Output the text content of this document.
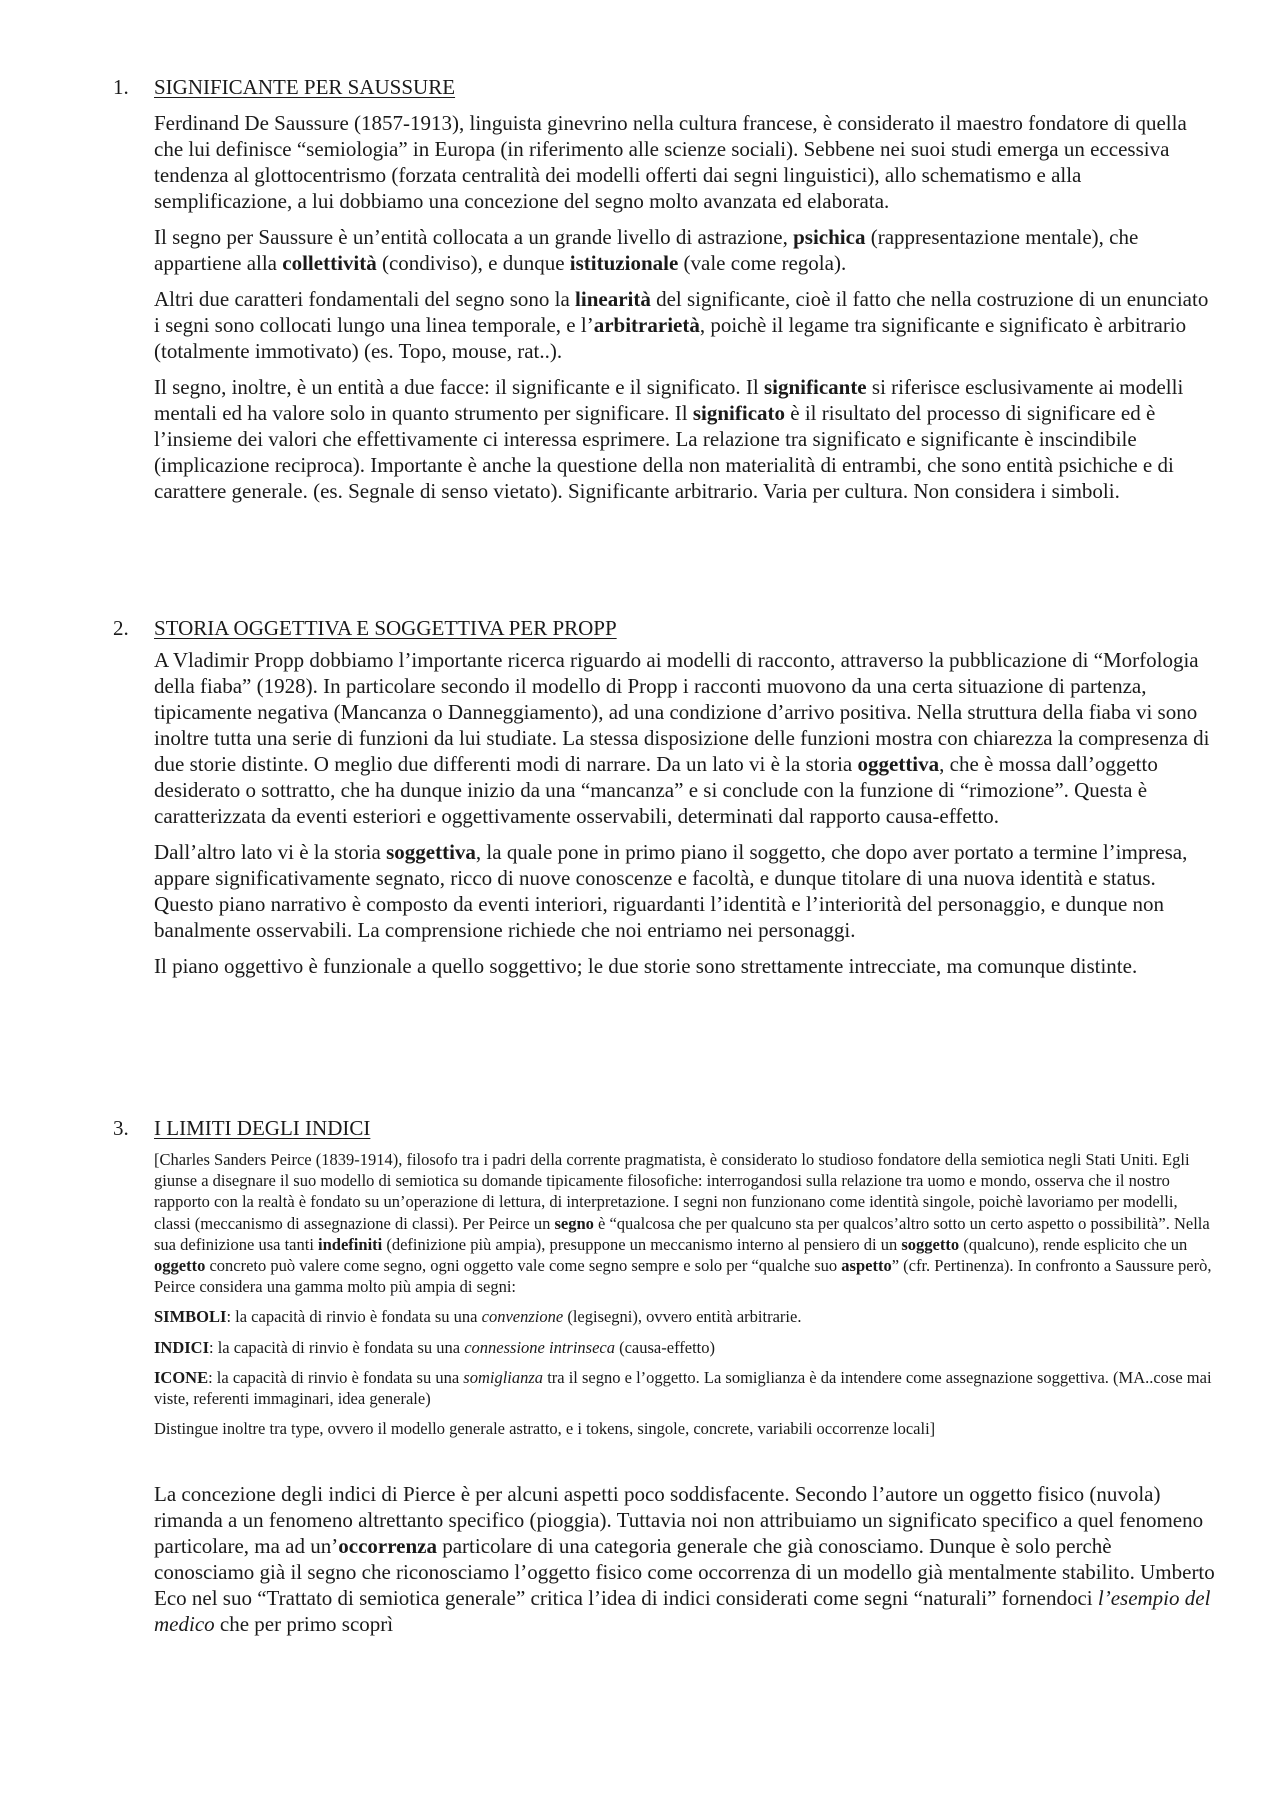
1. SIGNIFICANTE PER SAUSSURE

Ferdinand De Saussure (1857-1913), linguista ginevrino nella cultura francese, è considerato il maestro fondatore di quella che lui definisce “semiologia” in Europa (in riferimento alle scienze sociali). Sebbene nei suoi studi emerga un eccessiva tendenza al glottocentrismo (forzata centralità dei modelli offerti dai segni linguistici), allo schematismo e alla semplificazione, a lui dobbiamo una concezione del segno molto avanzata ed elaborata.

Il segno per Saussure è un’entità collocata a un grande livello di astrazione, psichica (rappresentazione mentale), che appartiene alla collettività (condiviso), e dunque istituzionale (vale come regola).

Altri due caratteri fondamentali del segno sono la linearità del significante, cioè il fatto che nella costruzione di un enunciato i segni sono collocati lungo una linea temporale, e l’arbitrarietà, poichè il legame tra significante e significato è arbitrario (totalmente immotivato) (es. Topo, mouse, rat..).

Il segno, inoltre, è un entità a due facce: il significante e il significato. Il significante si riferisce esclusivamente ai modelli mentali ed ha valore solo in quanto strumento per significare. Il significato è il risultato del processo di significare ed è l’insieme dei valori che effettivamente ci interessa esprimere. La relazione tra significato e significante è inscindibile (implicazione reciproca). Importante è anche la questione della non materialità di entrambi, che sono entità psichiche e di carattere generale. (es. Segnale di senso vietato). Significante arbitrario. Varia per cultura. Non considera i simboli.

2. STORIA OGGETTIVA E SOGGETTIVA PER PROPP

A Vladimir Propp dobbiamo l’importante ricerca riguardo ai modelli di racconto, attraverso la pubblicazione di “Morfologia della fiaba” (1928). In particolare secondo il modello di Propp i racconti muovono da una certa situazione di partenza, tipicamente negativa (Mancanza o Danneggiamento), ad una condizione d’arrivo positiva. Nella struttura della fiaba vi sono inoltre tutta una serie di funzioni da lui studiate. La stessa disposizione delle funzioni mostra con chiarezza la compresenza di due storie distinte. O meglio due differenti modi di narrare. Da un lato vi è la storia oggettiva, che è mossa dall’oggetto desiderato o sottratto, che ha dunque inizio da una “mancanza” e si conclude con la funzione di “rimozione”. Questa è caratterizzata da eventi esteriori e oggettivamente osservabili, determinati dal rapporto causa-effetto.

Dall’altro lato vi è la storia soggettiva, la quale pone in primo piano il soggetto, che dopo aver portato a termine l’impresa, appare significativamente segnato, ricco di nuove conoscenze e facoltà, e dunque titolare di una nuova identità e status. Questo piano narrativo è composto da eventi interiori, riguardanti l’identità e l’interiorità del personaggio, e dunque non banalmente osservabili. La comprensione richiede che noi entriamo nei personaggi.

Il piano oggettivo è funzionale a quello soggettivo; le due storie sono strettamente intrecciate, ma comunque distinte.

3. I LIMITI DEGLI INDICI

[Charles Sanders Peirce (1839-1914), filosofo tra i padri della corrente pragmatista, è considerato lo studioso fondatore della semiotica negli Stati Uniti. Egli giunse a disegnare il suo modello di semiotica su domande tipicamente filosofiche: interrogandosi sulla relazione tra uomo e mondo, osserva che il nostro rapporto con la realtà è fondato su un’operazione di lettura, di interpretazione. I segni non funzionano come identità singole, poichè lavoriamo per modelli, classi (meccanismo di assegnazione di classi). Per Peirce un segno è “qualcosa che per qualcuno sta per qualcos’altro sotto un certo aspetto o possibilità”. Nella sua definizione usa tanti indefiniti (definizione più ampia), presuppone un meccanismo interno al pensiero di un soggetto (qualcuno), rende esplicito che un oggetto concreto può valere come segno, ogni oggetto vale come segno sempre e solo per “qualche suo aspetto” (cfr. Pertinenza). In confronto a Saussure però, Peirce considera una gamma molto più ampia di segni:

SIMBOLI: la capacità di rinvio è fondata su una convenzione (legisegni), ovvero entità arbitrarie.

INDICI: la capacità di rinvio è fondata su una connessione intrinseca (causa-effetto)

ICONE: la capacità di rinvio è fondata su una somiglianza tra il segno e l’oggetto. La somiglianza è da intendere come assegnazione soggettiva. (MA..cose mai viste, referenti immaginari, idea generale)

Distingue inoltre tra type, ovvero il modello generale astratto, e i tokens, singole, concrete, variabili occorrenze locali]

La concezione degli indici di Pierce è per alcuni aspetti poco soddisfacente. Secondo l’autore un oggetto fisico (nuvola) rimanda a un fenomeno altrettanto specifico (pioggia). Tuttavia noi non attribuiamo un significato specifico a quel fenomeno particolare, ma ad un’occorrenza particolare di una categoria generale che già conosciamo. Dunque è solo perchè conosciamo già il segno che riconosciamo l’oggetto fisico come occorrenza di un modello già mentalmente stabilito. Umberto Eco nel suo “Trattato di semiotica generale” critica l’idea di indici considerati come segni “naturali” fornendoci l’esempio del medico che per primo scoprì
